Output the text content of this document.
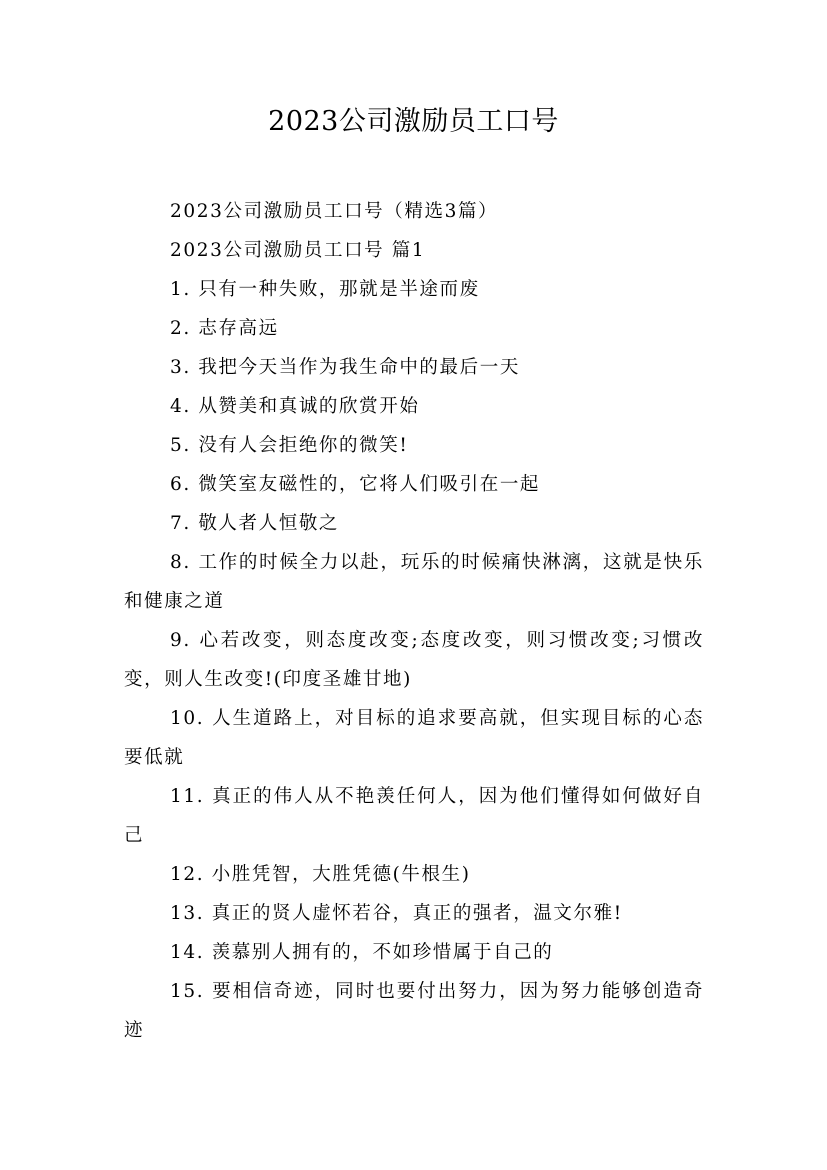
2023公司激励员工口号

2023公司激励员工口号（精选3篇）

2023公司激励员工口号 篇1

1. 只有一种失败，那就是半途而废

2. 志存高远

3. 我把今天当作为我生命中的最后一天

4. 从赞美和真诚的欣赏开始

5. 没有人会拒绝你的微笑!

6. 微笑室友磁性的，它将人们吸引在一起

7. 敬人者人恒敬之

8. 工作的时候全力以赴，玩乐的时候痛快淋漓，这就是快乐和健康之道

9. 心若改变，则态度改变;态度改变，则习惯改变;习惯改变，则人生改变!(印度圣雄甘地)

10. 人生道路上，对目标的追求要高就，但实现目标的心态要低就

11. 真正的伟人从不艳羡任何人，因为他们懂得如何做好自己

12. 小胜凭智，大胜凭德(牛根生)

13. 真正的贤人虚怀若谷，真正的强者，温文尔雅!

14. 羡慕别人拥有的，不如珍惜属于自己的

15. 要相信奇迹，同时也要付出努力，因为努力能够创造奇迹
